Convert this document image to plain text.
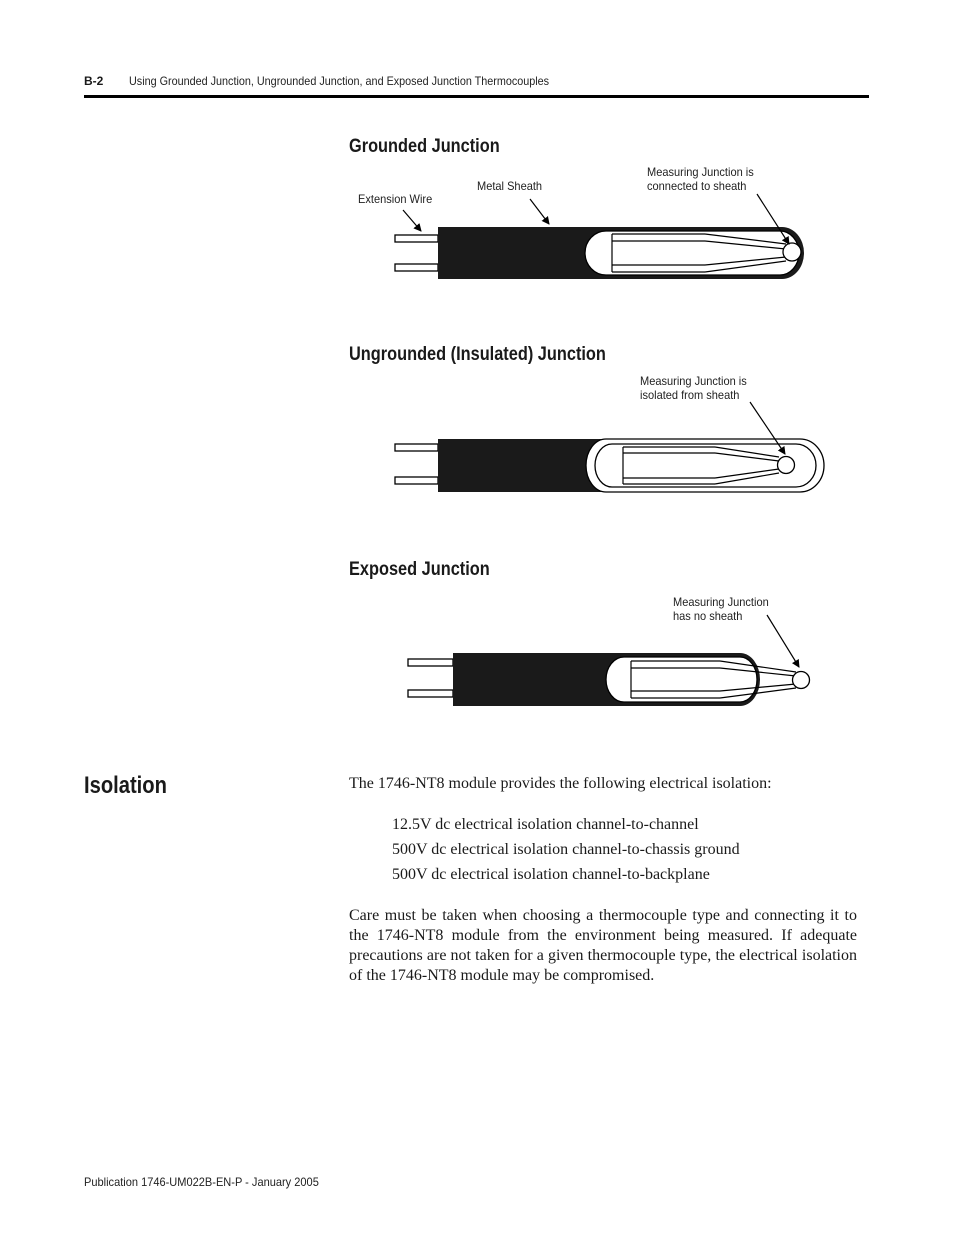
B-2 Using Grounded Junction, Ungrounded Junction, and Exposed Junction Thermocouples
Grounded Junction
Ungrounded (Insulated) Junction
Exposed Junction
Extension Wire
Metal Sheath
Measuring Junction is
connected to sheath
Measuring Junction is
isolated from sheath
Measuring Junction
has no sheath
Isolation	The 1746-NT8 module provides the following electrical isolation:
12.5V dc electrical isolation channel-to-channel
500V dc electrical isolation channel-to-chassis ground
500V dc electrical isolation channel-to-backplane
Care must be taken when choosing a thermocouple type and connecting it to the 1746-NT8 module from the environment being measured. If adequate precautions are not taken for a given thermocouple type, the electrical isolation of the 1746-NT8 module may be compromised.
Publication 1746-UM022B-EN-P - January 2005
